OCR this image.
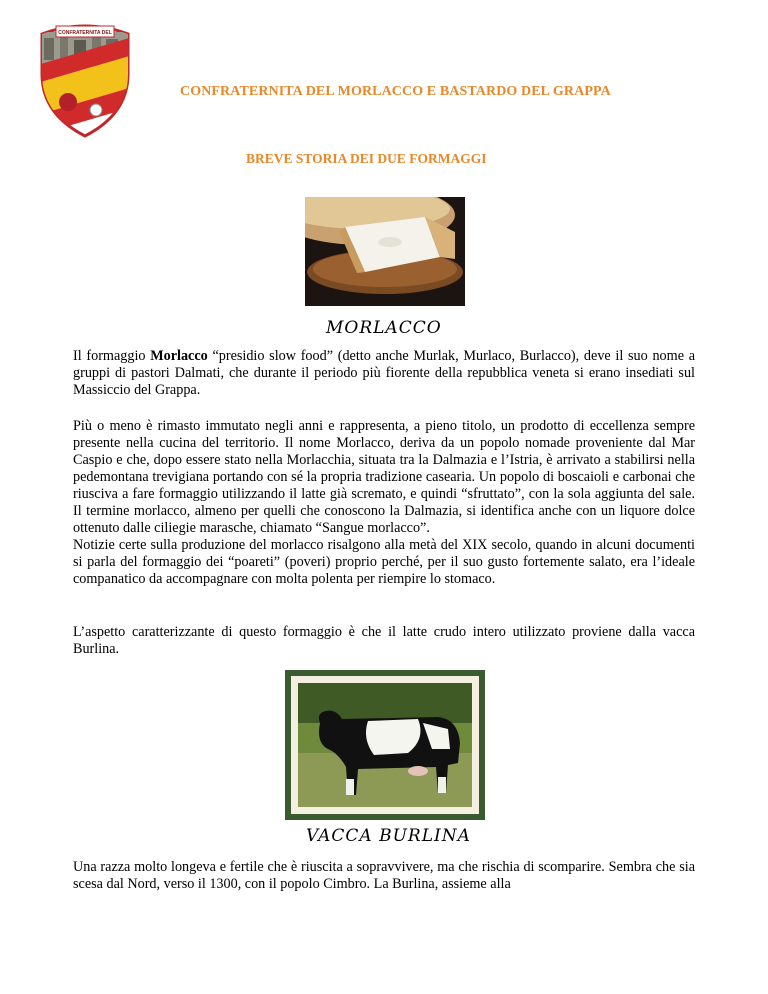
CONFRATERNITA DEL
CONFRATERNITA DEL MORLACCO E BASTARDO DEL GRAPPA
BREVE STORIA DEI DUE FORMAGGI
MORLACCO

Il formaggio Morlacco “presidio slow food” (detto anche Murlak, Murlaco, Burlacco), deve il suo nome a gruppi di pastori Dalmati, che durante il periodo più fiorente della repubblica veneta si erano insediati sul Massiccio del Grappa.

Più o meno è rimasto immutato negli anni e rappresenta, a pieno titolo, un prodotto di eccellenza sempre presente nella cucina del territorio. Il nome Morlacco, deriva da un popolo nomade proveniente dal Mar Caspio e che, dopo essere stato nella Morlacchia, situata tra la Dalmazia e l’Istria, è arrivato a stabilirsi nella pedemontana trevigiana portando con sé la propria tradizione casearia. Un popolo di boscaioli e carbonai che riusciva a fare formaggio utilizzando il latte già scremato, e quindi “sfruttato”, con la sola aggiunta del sale. Il termine morlacco, almeno per quelli che conoscono la Dalmazia, si identifica anche con un liquore dolce ottenuto dalle ciliegie marasche, chiamato “Sangue morlacco”.

Notizie certe sulla produzione del morlacco risalgono alla metà del XIX secolo, quando in alcuni documenti si parla del formaggio dei “poareti” (poveri) proprio perché, per il suo gusto fortemente salato, era l’ideale companatico da accompagnare con molta polenta per riempire lo stomaco.

L’aspetto caratterizzante di questo formaggio è che il latte crudo intero utilizzato proviene dalla vacca Burlina.

VACCA BURLINA

Una razza molto longeva e fertile che è riuscita a sopravvivere, ma che rischia di scomparire. Sembra che sia scesa dal Nord, verso il 1300, con il popolo Cimbro. La Burlina, assieme alla
